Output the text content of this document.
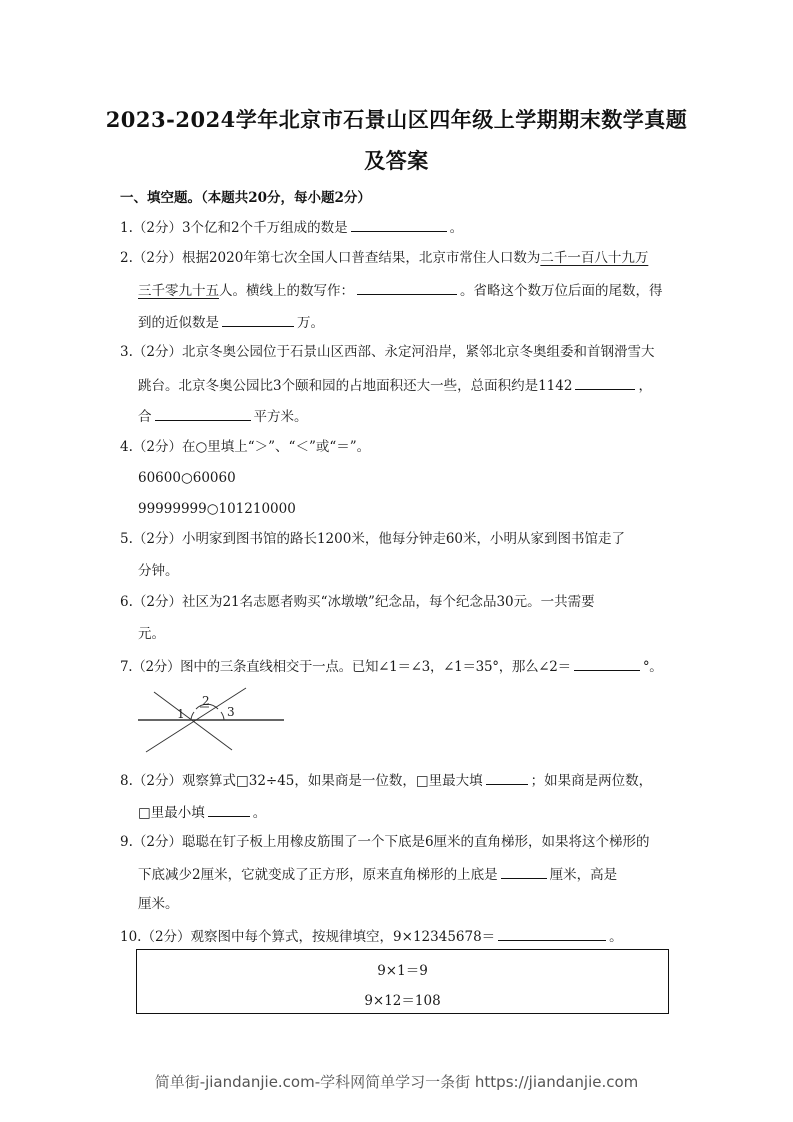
2023-2024学年北京市石景山区四年级上学期期末数学真题
及答案
一、填空题。（本题共20分，每小题2分）
1.（2分）3个亿和2个千万组成的数是	。
2.（2分）根据2020年第七次全国人口普查结果，北京市常住人口数为二千一百八十九万
三千零九十五人。横线上的数写作：	。省略这个数万位后面的尾数，得
到的近似数是	万。
3.（2分）北京冬奥公园位于石景山区西部、永定河沿岸，紧邻北京冬奥组委和首钢滑雪大
跳台。北京冬奥公园比3个颐和园的占地面积还大一些，总面积约是1142	，
合	平方米。
4.（2分）在○里填上“＞”、“＜”或“＝”。
60600○60060
99999999○101210000
5.（2分）小明家到图书馆的路长1200米，他每分钟走60米，小明从家到图书馆走了
分钟。
6.（2分）社区为21名志愿者购买“冰墩墩”纪念品，每个纪念品30元。一共需要
元。
7.（2分）图中的三条直线相交于一点。已知∠1＝∠3，∠1＝35°，那么∠2＝	°。
1
2
3
8.（2分）观察算式□32÷45，如果商是一位数，□里最大填	；如果商是两位数，
□里最小填	。
9.（2分）聪聪在钉子板上用橡皮筋围了一个下底是6厘米的直角梯形，如果将这个梯形的
下底减少2厘米，它就变成了正方形，原来直角梯形的上底是	厘米，高是
厘米。
10.（2分）观察图中每个算式，按规律填空，9×12345678＝	。
9×1＝9
9×12＝108
简单街-jiandanjie.com-学科网简单学习一条街 https://jiandanjie.com
